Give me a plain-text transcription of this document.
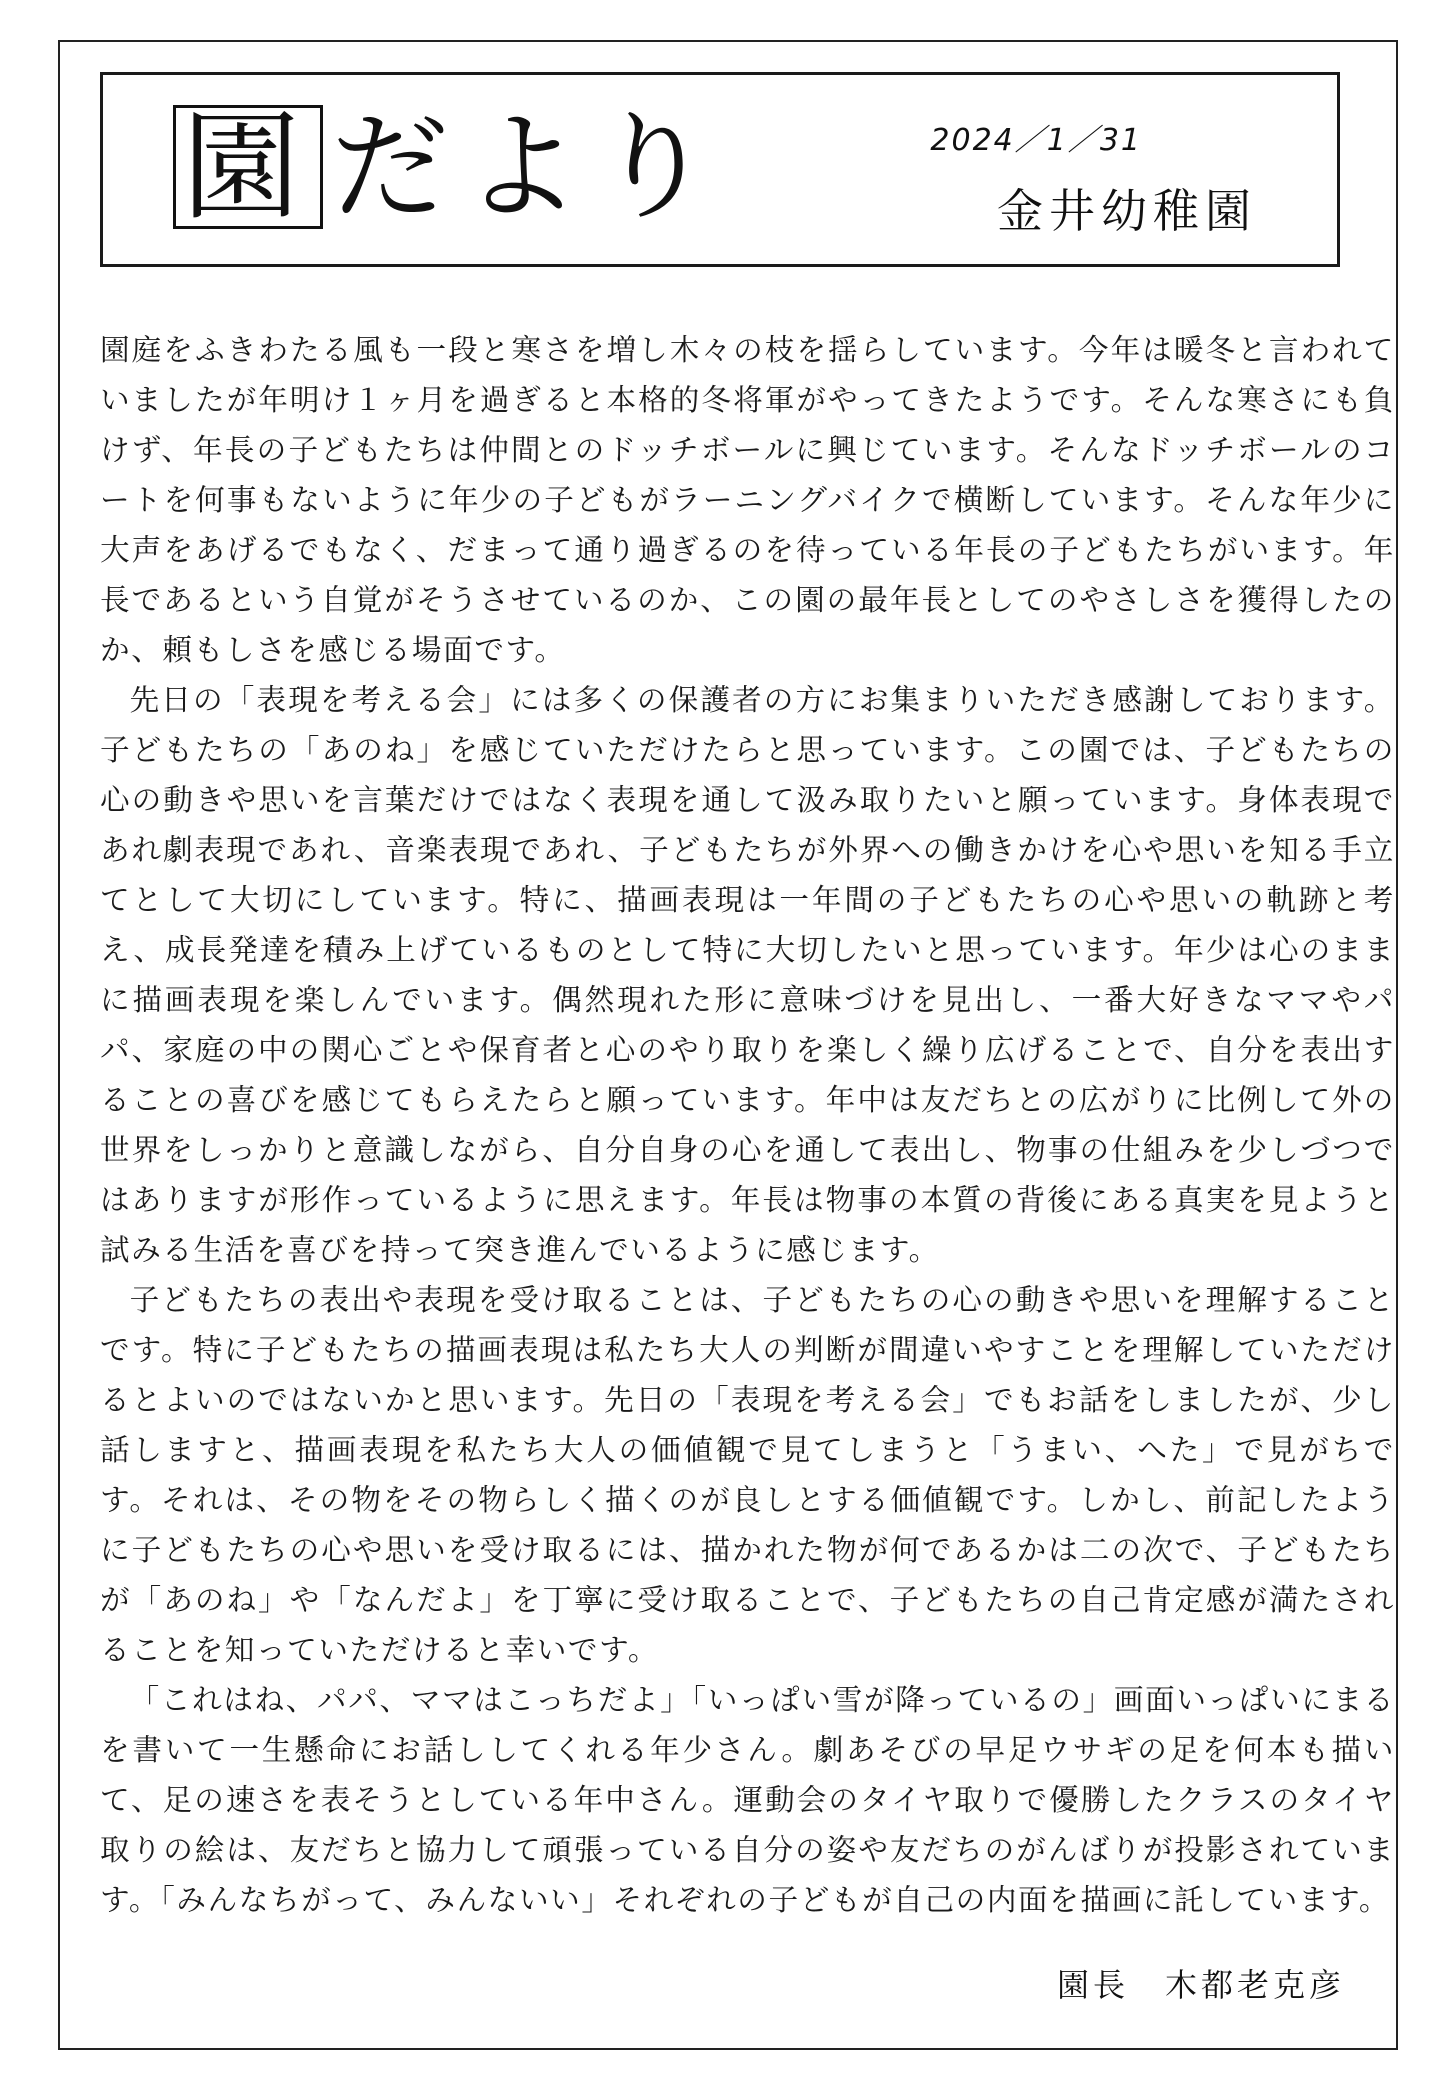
園 だより	2024／1／31
金井幼稚園

園庭をふきわたる風も一段と寒さを増し木々の枝を揺らしています。今年は暖冬と言われていましたが年明け１ヶ月を過ぎると本格的冬将軍がやってきたようです。そんな寒さにも負けず、年長の子どもたちは仲間とのドッチボールに興じています。そんなドッチボールのコートを何事もないように年少の子どもがラーニングバイクで横断しています。そんな年少に大声をあげるでもなく、だまって通り過ぎるのを待っている年長の子どもたちがいます。年長であるという自覚がそうさせているのか、この園の最年長としてのやさしさを獲得したのか、頼もしさを感じる場面です。

先日の「表現を考える会」には多くの保護者の方にお集まりいただき感謝しております。子どもたちの「あのね」を感じていただけたらと思っています。この園では、子どもたちの心の動きや思いを言葉だけではなく表現を通して汲み取りたいと願っています。身体表現であれ劇表現であれ、音楽表現であれ、子どもたちが外界への働きかけを心や思いを知る手立てとして大切にしています。特に、描画表現は一年間の子どもたちの心や思いの軌跡と考え、成長発達を積み上げているものとして特に大切したいと思っています。年少は心のままに描画表現を楽しんでいます。偶然現れた形に意味づけを見出し、一番大好きなママやパパ、家庭の中の関心ごとや保育者と心のやり取りを楽しく繰り広げることで、自分を表出することの喜びを感じてもらえたらと願っています。年中は友だちとの広がりに比例して外の世界をしっかりと意識しながら、自分自身の心を通して表出し、物事の仕組みを少しづつではありますが形作っているように思えます。年長は物事の本質の背後にある真実を見ようと試みる生活を喜びを持って突き進んでいるように感じます。

子どもたちの表出や表現を受け取ることは、子どもたちの心の動きや思いを理解することです。特に子どもたちの描画表現は私たち大人の判断が間違いやすことを理解していただけるとよいのではないかと思います。先日の「表現を考える会」でもお話をしましたが、少し話しますと、描画表現を私たち大人の価値観で見てしまうと「うまい、へた」で見がちです。それは、その物をその物らしく描くのが良しとする価値観です。しかし、前記したように子どもたちの心や思いを受け取るには、描かれた物が何であるかは二の次で、子どもたちが「あのね」や「なんだよ」を丁寧に受け取ることで、子どもたちの自己肯定感が満たされることを知っていただけると幸いです。

「これはね、パパ、ママはこっちだよ」「いっぱい雪が降っているの」画面いっぱいにまるを書いて一生懸命にお話ししてくれる年少さん。劇あそびの早足ウサギの足を何本も描いて、足の速さを表そうとしている年中さん。運動会のタイヤ取りで優勝したクラスのタイヤ取りの絵は、友だちと協力して頑張っている自分の姿や友だちのがんばりが投影されています。「みんなちがって、みんないい」それぞれの子どもが自己の内面を描画に託しています。

園長　木都老克彦
